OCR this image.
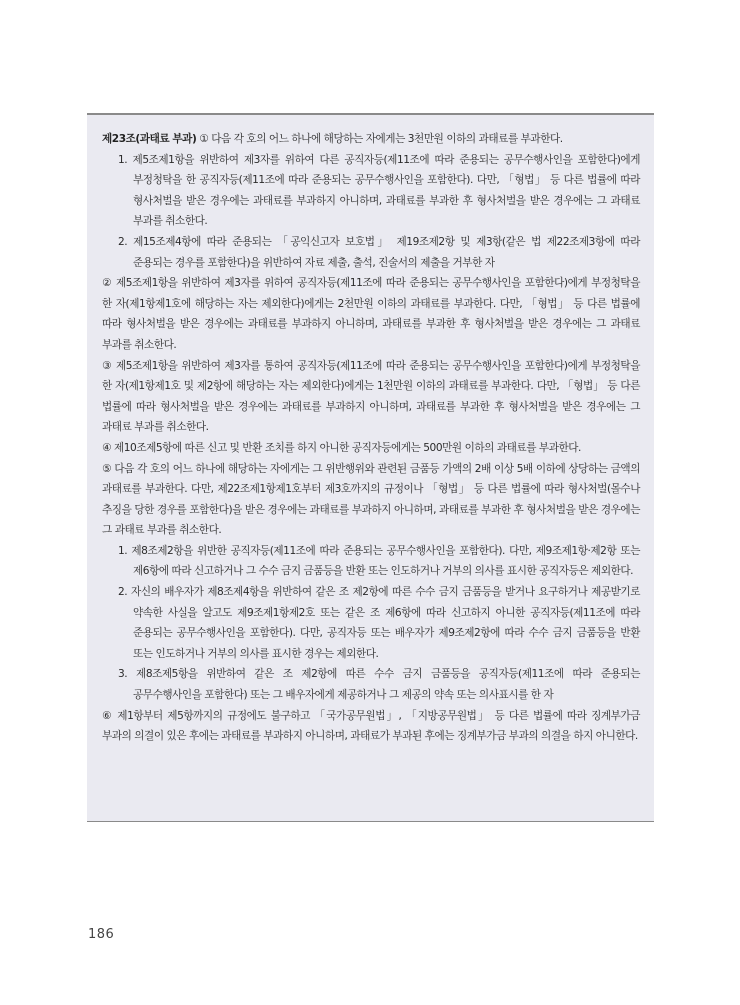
제23조(과태료 부과) ① 다음 각 호의 어느 하나에 해당하는 자에게는 3천만원 이하의 과태료를 부과한다.

1. 제5조제1항을 위반하여 제3자를 위하여 다른 공직자등(제11조에 따라 준용되는 공무수행사인을 포함한다)에게 부정청탁을 한 공직자등(제11조에 따라 준용되는 공무수행사인을 포함한다). 다만, 「형법」 등 다른 법률에 따라 형사처벌을 받은 경우에는 과태료를 부과하지 아니하며, 과태료를 부과한 후 형사처벌을 받은 경우에는 그 과태료 부과를 취소한다.

2. 제15조제4항에 따라 준용되는 「공익신고자 보호법」 제19조제2항 및 제3항(같은 법 제22조제3항에 따라 준용되는 경우를 포함한다)을 위반하여 자료 제출, 출석, 진술서의 제출을 거부한 자

② 제5조제1항을 위반하여 제3자를 위하여 공직자등(제11조에 따라 준용되는 공무수행사인을 포함한다)에게 부정청탁을 한 자(제1항제1호에 해당하는 자는 제외한다)에게는 2천만원 이하의 과태료를 부과한다. 다만, 「형법」 등 다른 법률에 따라 형사처벌을 받은 경우에는 과태료를 부과하지 아니하며, 과태료를 부과한 후 형사처벌을 받은 경우에는 그 과태료 부과를 취소한다.

③ 제5조제1항을 위반하여 제3자를 통하여 공직자등(제11조에 따라 준용되는 공무수행사인을 포함한다)에게 부정청탁을 한 자(제1항제1호 및 제2항에 해당하는 자는 제외한다)에게는 1천만원 이하의 과태료를 부과한다. 다만, 「형법」 등 다른 법률에 따라 형사처벌을 받은 경우에는 과태료를 부과하지 아니하며, 과태료를 부과한 후 형사처벌을 받은 경우에는 그 과태료 부과를 취소한다.

④ 제10조제5항에 따른 신고 및 반환 조치를 하지 아니한 공직자등에게는 500만원 이하의 과태료를 부과한다.

⑤ 다음 각 호의 어느 하나에 해당하는 자에게는 그 위반행위와 관련된 금품등 가액의 2배 이상 5배 이하에 상당하는 금액의 과태료를 부과한다. 다만, 제22조제1항제1호부터 제3호까지의 규정이나 「형법」 등 다른 법률에 따라 형사처벌(몰수나 추징을 당한 경우를 포함한다)을 받은 경우에는 과태료를 부과하지 아니하며, 과태료를 부과한 후 형사처벌을 받은 경우에는 그 과태료 부과를 취소한다.

1. 제8조제2항을 위반한 공직자등(제11조에 따라 준용되는 공무수행사인을 포함한다). 다만, 제9조제1항·제2항 또는 제6항에 따라 신고하거나 그 수수 금지 금품등을 반환 또는 인도하거나 거부의 의사를 표시한 공직자등은 제외한다.

2. 자신의 배우자가 제8조제4항을 위반하여 같은 조 제2항에 따른 수수 금지 금품등을 받거나 요구하거나 제공받기로 약속한 사실을 알고도 제9조제1항제2호 또는 같은 조 제6항에 따라 신고하지 아니한 공직자등(제11조에 따라 준용되는 공무수행사인을 포함한다). 다만, 공직자등 또는 배우자가 제9조제2항에 따라 수수 금지 금품등을 반환 또는 인도하거나 거부의 의사를 표시한 경우는 제외한다.

3. 제8조제5항을 위반하여 같은 조 제2항에 따른 수수 금지 금품등을 공직자등(제11조에 따라 준용되는 공무수행사인을 포함한다) 또는 그 배우자에게 제공하거나 그 제공의 약속 또는 의사표시를 한 자

⑥ 제1항부터 제5항까지의 규정에도 불구하고 「국가공무원법」, 「지방공무원법」 등 다른 법률에 따라 징계부가금 부과의 의결이 있은 후에는 과태료를 부과하지 아니하며, 과태료가 부과된 후에는 징계부가금 부과의 의결을 하지 아니한다.

186
